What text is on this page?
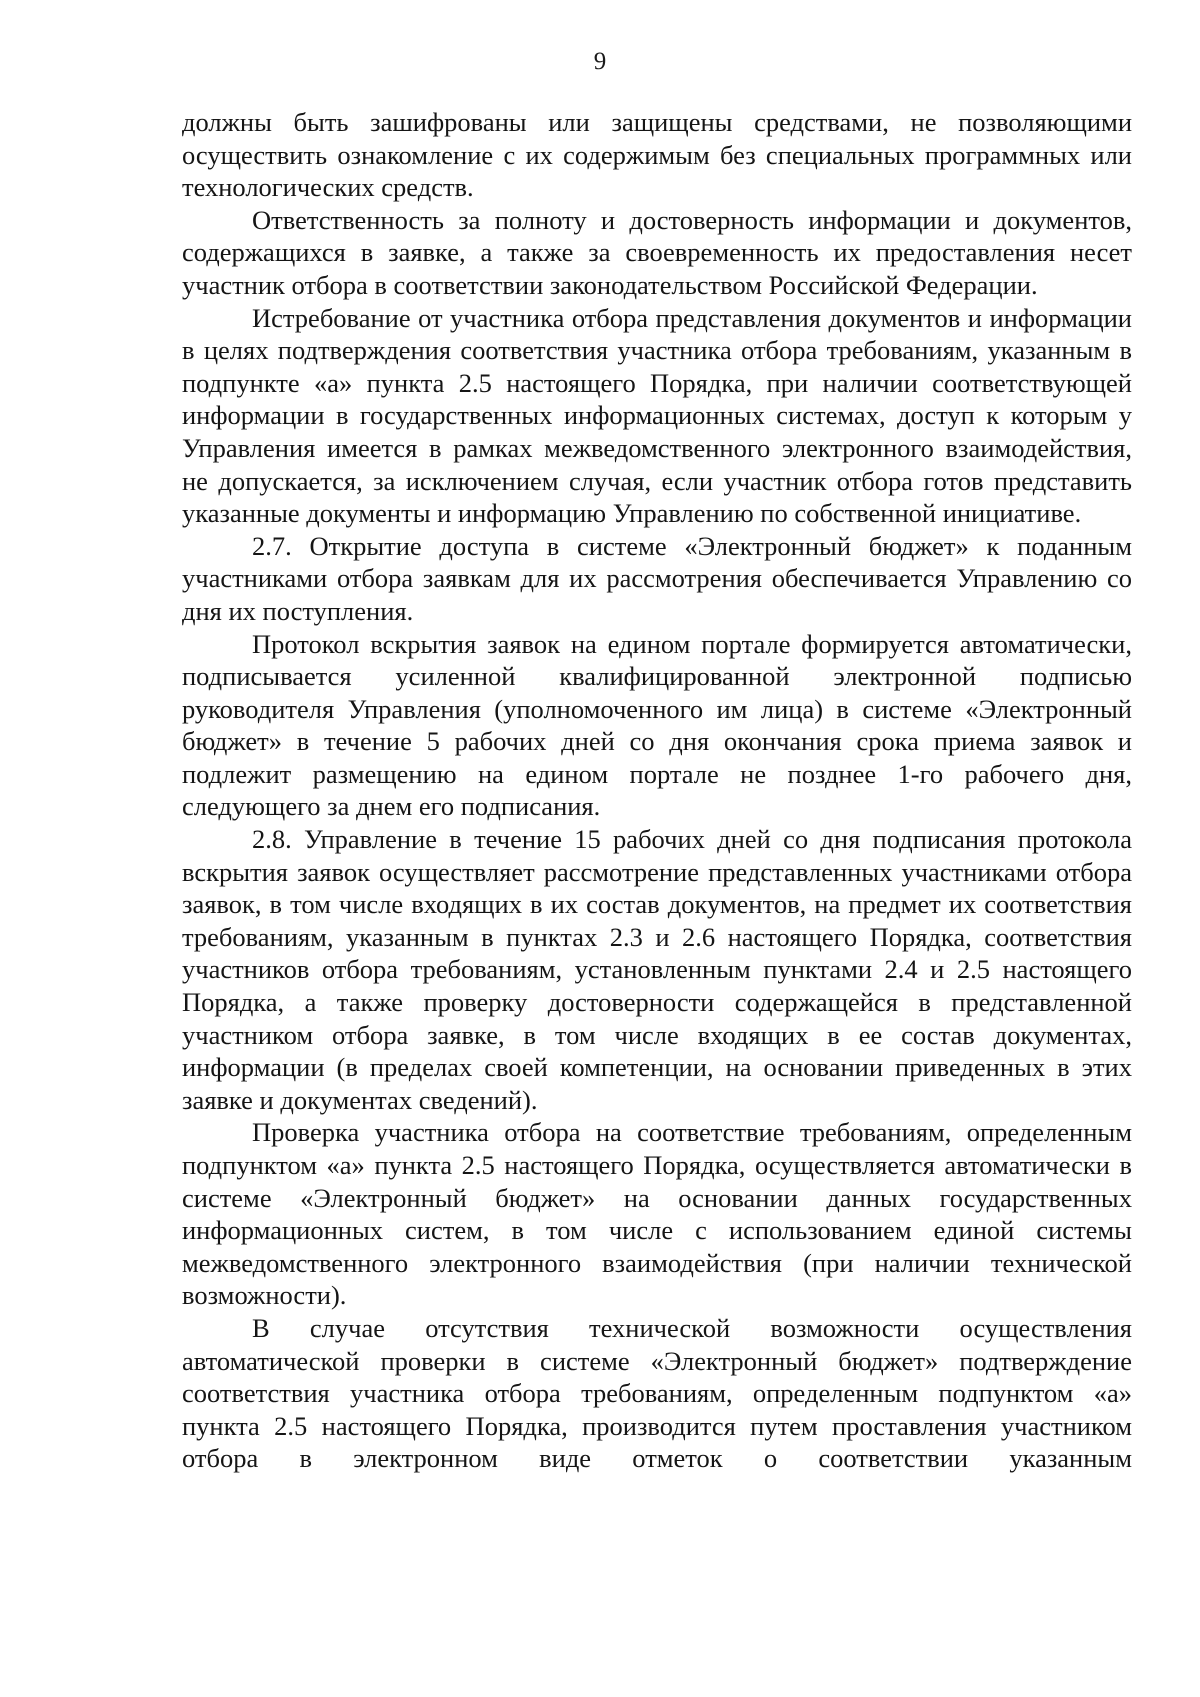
9

должны быть зашифрованы или защищены средствами, не позволяющими осуществить ознакомление с их содержимым без специальных программных или технологических средств.

Ответственность за полноту и достоверность информации и документов, содержащихся в заявке, а также за своевременность их предоставления несет участник отбора в соответствии законодательством Российской Федерации.

Истребование от участника отбора представления документов и информации в целях подтверждения соответствия участника отбора требованиям, указанным в подпункте «а» пункта 2.5 настоящего Порядка, при наличии соответствующей информации в государственных информационных системах, доступ к которым у Управления имеется в рамках межведомственного электронного взаимодействия, не допускается, за исключением случая, если участник отбора готов представить указанные документы и информацию Управлению по собственной инициативе.

2.7. Открытие доступа в системе «Электронный бюджет» к поданным участниками отбора заявкам для их рассмотрения обеспечивается Управлению со дня их поступления.

Протокол вскрытия заявок на едином портале формируется автоматически, подписывается усиленной квалифицированной электронной подписью руководителя Управления (уполномоченного им лица) в системе «Электронный бюджет» в течение 5 рабочих дней со дня окончания срока приема заявок и подлежит размещению на едином портале не позднее 1-го рабочего дня, следующего за днем его подписания.

2.8. Управление в течение 15 рабочих дней со дня подписания протокола вскрытия заявок осуществляет рассмотрение представленных участниками отбора заявок, в том числе входящих в их состав документов, на предмет их соответствия требованиям, указанным в пунктах 2.3 и 2.6 настоящего Порядка, соответствия участников отбора требованиям, установленным пунктами 2.4 и 2.5 настоящего Порядка, а также проверку достоверности содержащейся в представленной участником отбора заявке, в том числе входящих в ее состав документах, информации (в пределах своей компетенции, на основании приведенных в этих заявке и документах сведений).

Проверка участника отбора на соответствие требованиям, определенным подпунктом «а» пункта 2.5 настоящего Порядка, осуществляется автоматически в системе «Электронный бюджет» на основании данных государственных информационных систем, в том числе с использованием единой системы межведомственного электронного взаимодействия (при наличии технической возможности).

В случае отсутствия технической возможности осуществления автоматической проверки в системе «Электронный бюджет» подтверждение соответствия участника отбора требованиям, определенным подпунктом «а» пункта 2.5 настоящего Порядка, производится путем проставления участником отбора в электронном виде отметок о соответствии указанным
